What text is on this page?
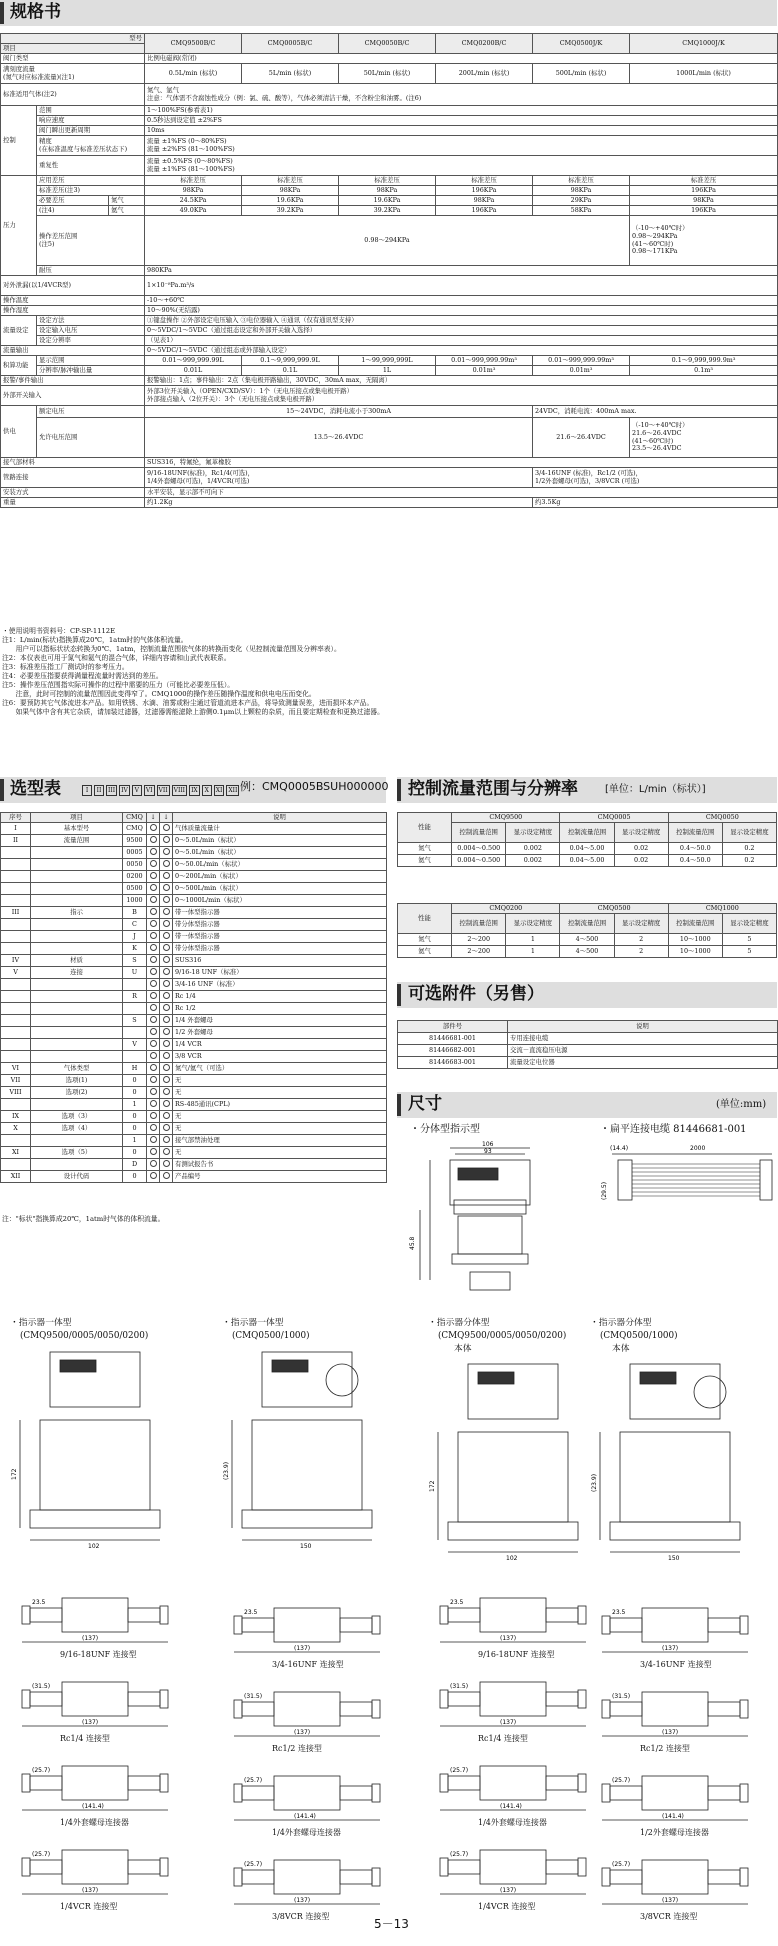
规格书
型号			CMQ9500B/C	CMQ0005B/C	CMQ0050B/C	CMQ0200B/C	CMQ0500J/K	CMQ1000J/K
项目								
阀门类型			比例电磁阀(常闭)					
满刻度流量
(氮气对应标准流量)(注1)			0.5L/min (标状)	5L/min (标状)	50L/min (标状)	200L/min (标状)	500L/min (标状)	1000L/min (标状)
标准适用气体(注2)			氮气、氩气
注意：气体需不含腐蚀性成分（例：氯、硫、酸等），气体必须清洁干燥，不含粉尘和油雾。(注6)					
控制	范围		1～100%FS(参看表1)					
	响应速度		0.5秒达到设定值 ±2%FS					
	阀门瞬出更新周期		10ms					
	精度
(在标准温度与标准差压状态下)		流量 ±1%FS (0～80%FS)
流量 ±2%FS (81～100%FS)					
	重复性		流量 ±0.5%FS (0～80%FS)
流量 ±1%FS (81～100%FS)					
压力	应用差压		标准差压	标准差压	标准差压	标准差压	标准差压	标准差压
	标准差压(注3)		98KPa	98KPa	98KPa	196KPa	98KPa	196KPa
	必要差压	氮气	24.5KPa	19.6KPa	19.6KPa	98KPa	29KPa	98KPa
	(注4)	氦气	49.0KPa	39.2KPa	39.2KPa	196KPa	58KPa	196KPa
	操作差压范围
(注5)		0.98～294KPa					（-10～+40℃时）
0.98～294KPa
(41～60℃时)
0.98～171KPa
	耐压		980KPa					
对外泄漏(以1/4VCR型)			1×10⁻⁸Pa.m³/s					
操作温度			-10～+60℃					
操作湿度			10～90%(无结露)					
流量设定	设定方法		①键盘操作 ②外部设定电压输入 ③电位器输入 ④通讯（仅有通讯型支持）					
	设定输入电压		0～5VDC/1～5VDC（通过组态设定和外部开关输入选择）					
	设定分辨率		（见表1）					
流量输出			0～5VDC/1～5VDC（通过组态或外部输入设定）					
积算功能	显示范围		0.01～999,999.99L	0.1～9,999,999.9L	1～99,999,999L	0.01～999,999.99m³	0.01～999,999.99m³	0.1～9,999,999.9m³
	分辨率/脉冲输出量		0.01L	0.1L	1L	0.01m³	0.01m³	0.1m³
报警/事件输出			报警输出：1点；事件输出：2点（集电极开路输出，30VDC，30mA max，无隔离）					
外部开关输入			外部3位开关输入（OPEN/CXD/SV）：1个（无电压接点或集电极开路）
外部接点输入（2位开关）：3个（无电压接点或集电极开路）					
供电	额定电压		15～24VDC，消耗电流小于300mA				24VDC，消耗电流：400mA max.	
	允许电压范围		13.5～26.4VDC				21.6～26.4VDC	（-10～+40℃时）
21.6～26.4VDC
(41～60℃时)
23.5～26.4VDC
接气部材料			SUS316，特氟纶，氟革橡胶					
管路连接			9/16-18UNF(标准)，Rc1/4(可选)，
1/4外套螺母(可选)，1/4VCR(可选)				3/4-16UNF (标准)，Rc1/2 (可选)，
1/2外套螺母(可选)，3/8VCR (可选)	
安装方式			水平安装，显示部不可向下					
重量			约1.2Kg				约3.5Kg	
・使用说明书资料号：CP-SP-1112E
注1：L/min(标状)指换算成20℃，1atm时的气体体积流量。
　　用户可以指标状状态转换为0℃、1atm，控制流量范围依气体的转换而变化（见控制流量范围及分辨率表）。
注2：本仪表也可用于氮气和氦气的混合气体，详细内容请和山武代表联系。
注3：标准差压指工厂测试时的参考压力。
注4：必要差压指要获得满量程流量时需达到的差压。
注5：操作差压范围指实际可操作的过程中需要的压力（可能比必要差压低）。
　　注意，此时可控制的流量范围因此变得窄了。CMQ1000的操作差压随操作温度和供电电压而变化。
注6：要预防其它气体流进本产品。如用铁锈、水滴、油雾或粉尘通过管道流进本产品，将导致测量误差，进而损坏本产品。
　　如果气体中含有其它杂质，请加装过滤器，过滤器需能滤除上游侧0.1μm以上颗粒的杂质，而且要定期检查和更换过滤器。
选型表	I	II	III	IV	V	VI	VII	VIII	IX	X	XI	XII 例：CMQ0005BSUH000000
序号	项目	CMQ	↓	↓	说明
I	基本型号	CMQ			气体质量流量计
II	流量范围	9500			0～5.0L/min（标状）
		0005			0～5.0L/min（标状）
		0050			0～50.0L/min（标状）
		0200			0～200L/min（标状）
		0500			0～500L/min（标状）
		1000			0～1000L/min（标状）
III	指示	B			带一体型指示器
		C			带分体型指示器
		J			带一体型指示器
		K			带分体型指示器
IV	材质	S			SUS316
V	连接	U			9/16-18 UNF（标准）
					3/4-16 UNF（标准）
		R			Rc 1/4
					Rc 1/2
		S			1/4 外套螺母
					1/2 外套螺母
		V			1/4 VCR
					3/8 VCR
VI	气体类型	H			氮气/氦气（可选）
VII	选项(1)	0			无
VIII	选项(2)	0			无
		1			RS-485通讯(CPL)
IX	选项（3）	0			无
X	选项（4）	0			无
		1			接气部禁油处理
XI	选项（5）	0			无
		D			有测试报告书
XII	设计代码	0			产品编号
注："标状"指换算成20℃，1atm时气体的体积流量。
控制流量范围与分辨率	[单位：L/min（标状）]
性能	CMQ9500		CMQ0005		CMQ0050	
	控制流量范围	显示设定精度	控制流量范围	显示设定精度	控制流量范围	显示设定精度
氮气	0.004～0.500	0.002	0.04～5.00	0.02	0.4～50.0	0.2
氦气	0.004～0.500	0.002	0.04～5.00	0.02	0.4～50.0	0.2
性能	CMQ0200		CMQ0500		CMQ1000	
	控制流量范围	显示设定精度	控制流量范围	显示设定精度	控制流量范围	显示设定精度
氮气	2～200	1	4～500	2	10～1000	5
氦气	2～200	1	4～500	2	10～1000	5
可选附件（另售）
部件号	说明
81446681-001	专用连接电缆
81446682-001	交流－直流稳压电源
81446683-001	流量设定电位器
尺寸	(单位:mm)
・分体型指示型	・扁平连接电缆 81446681-001
106
93
45.8
(14.4)	2000
(29.5)
・指示器一体型
(CMQ9500/0005/0050/0200)
・指示器一体型
(CMQ0500/1000)
・指示器分体型
(CMQ9500/0005/0050/0200)
本体
・指示器分体型
(CMQ0500/1000)
本体
102
172
(137)
23.5
9/16-18UNF 连接型
(137)
(31.5)
Rc1/4 连接型
(141.4)
(25.7)
1/4外套螺母连接器
(137)
(25.7)
1/4VCR 连接型
150
(23.9)
(137)
23.5
3/4-16UNF 连接型
(137)
(31.5)
Rc1/2 连接型
(141.4)
(25.7)
1/4外套螺母连接器
(137)
(25.7)
3/8VCR 连接型
102
172
(137)
23.5
9/16-18UNF 连接型
(137)
(31.5)
Rc1/4 连接型
(141.4)
(25.7)
1/4外套螺母连接器
(137)
(25.7)
1/4VCR 连接型
150
(23.9)
(137)
23.5
3/4-16UNF 连接型
(137)
(31.5)
Rc1/2 连接型
(141.4)
(25.7)
1/2外套螺母连接器
(137)
(25.7)
3/8VCR 连接型
5－13
